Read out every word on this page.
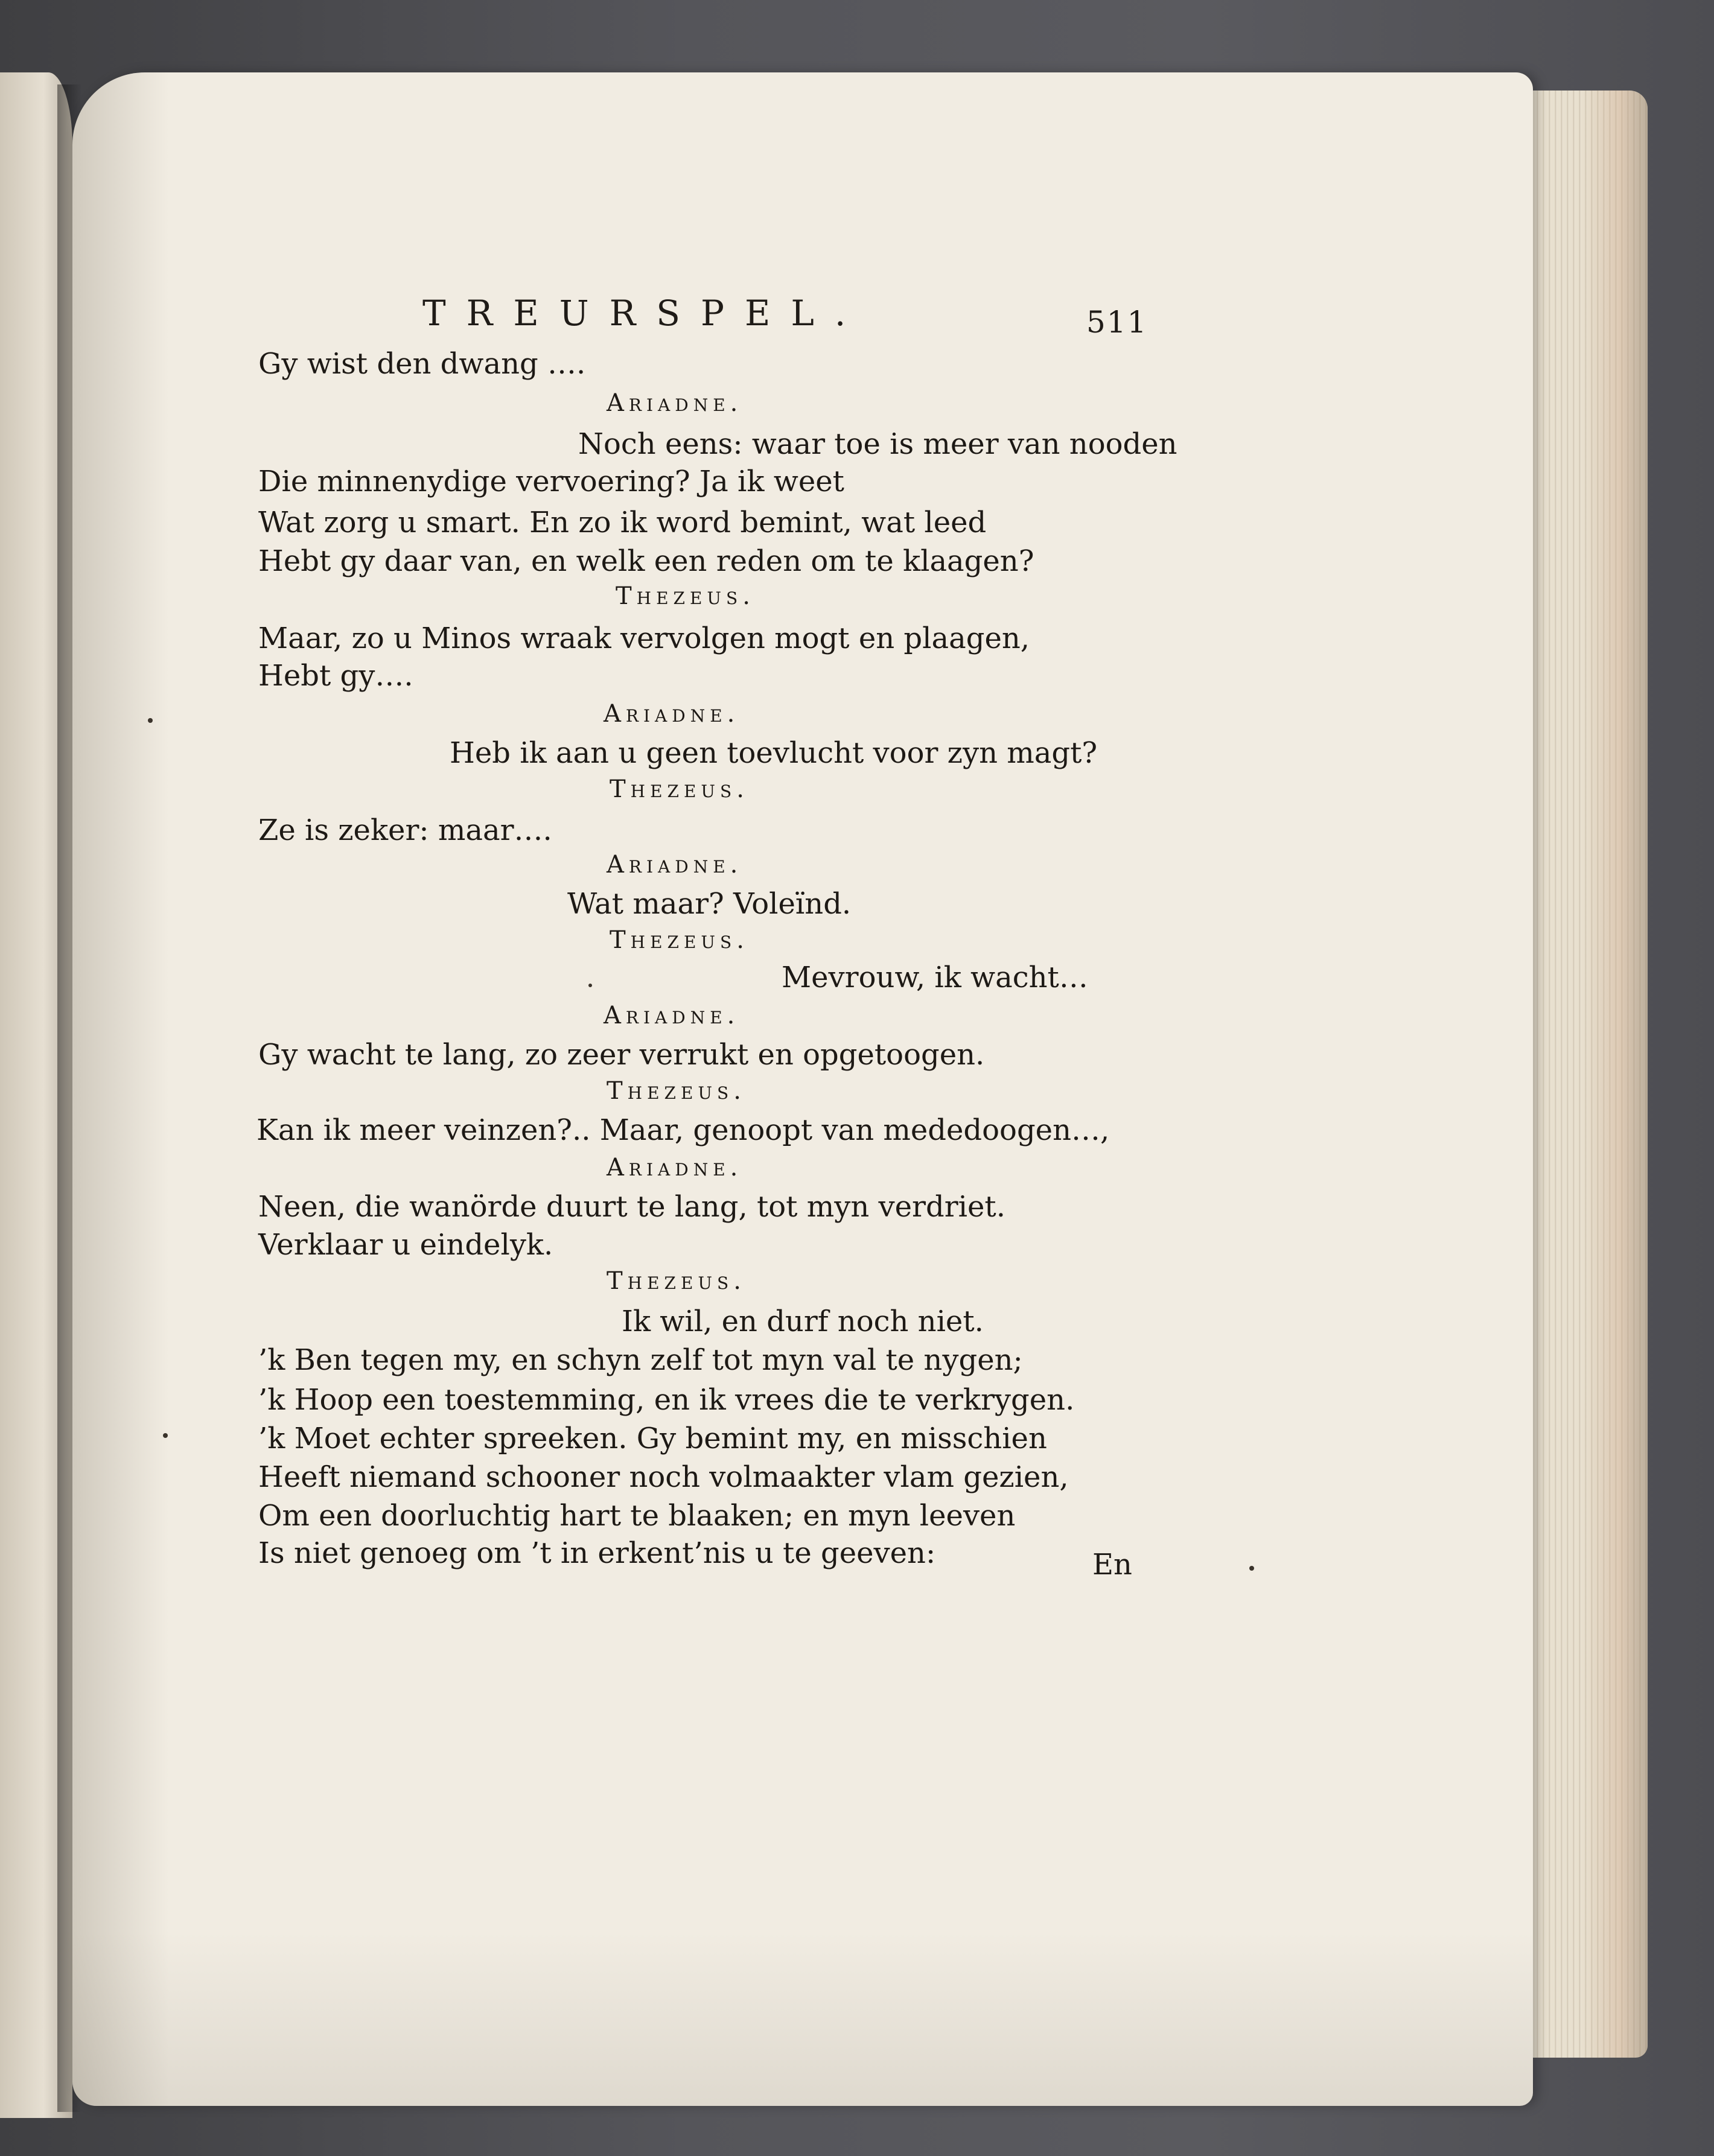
TREURSPEL.	511
Gy wist den dwang ….
Ariadne.
Noch eens: waar toe is meer van nooden
Die minnenydige vervoering? Ja ik weet
Wat zorg u smart. En zo ik word bemint, wat leed
Hebt gy daar van, en welk een reden om te klaagen?
Thezeus.
Maar, zo u Minos wraak vervolgen mogt en plaagen,
Hebt gy….
Ariadne.
Heb ik aan u geen toevlucht voor zyn magt?
Thezeus.
Ze is zeker: maar….
Ariadne.
Wat maar? Voleïnd.
Thezeus.
Mevrouw, ik wacht…
Ariadne.
Gy wacht te lang, zo zeer verrukt en opgetoogen.
Thezeus.
Kan ik meer veinzen?.. Maar, genoopt van mededoogen…,
Ariadne.
Neen, die wanörde duurt te lang, tot myn verdriet.
Verklaar u eindelyk.
Thezeus.
Ik wil, en durf noch niet.
’k Ben tegen my, en schyn zelf tot myn val te nygen;
’k Hoop een toestemming, en ik vrees die te verkrygen.
’k Moet echter spreeken. Gy bemint my, en misschien
Heeft niemand schooner noch volmaakter vlam gezien,
Om een doorluchtig hart te blaaken; en myn leeven
Is niet genoeg om ’t in erkent’nis u te geeven:	En
